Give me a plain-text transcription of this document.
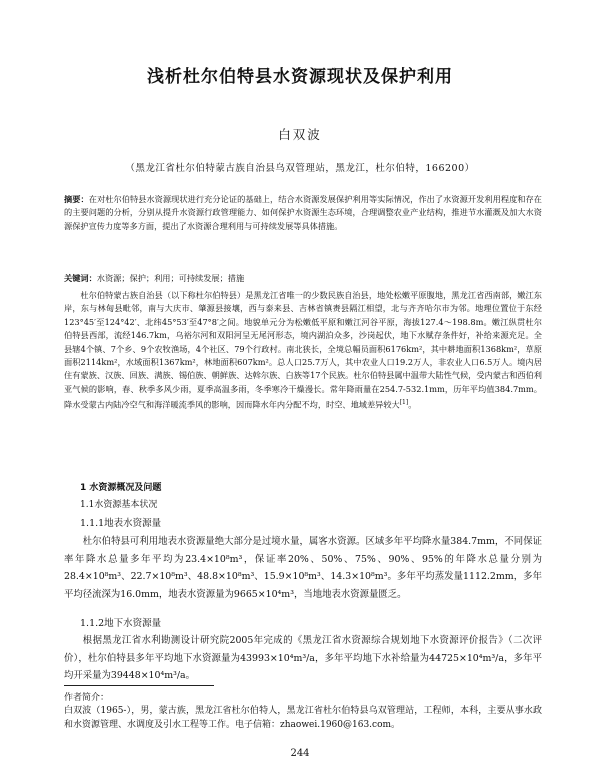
浅析杜尔伯特县水资源现状及保护利用
白双波
（黑龙江省杜尔伯特蒙古族自治县乌双管理站，黑龙江，杜尔伯特，166200）
摘要：在对杜尔伯特县水资源现状进行充分论证的基础上，结合水资源发展保护利用等实际情况，作出了水资源开发利用程度和存在的主要问题的分析，分别从提升水资源行政管理能力、如何保护水资源生态环境，合理调整农业产业结构，推进节水灌溉及加大水资源保护宣传力度等多方面，提出了水资源合理利用与可持续发展等具体措施。
关键词：水资源；保护；利用；可持续发展；措施
杜尔伯特蒙古族自治县（以下称杜尔伯特县）是黑龙江省唯一的少数民族自治县，地处松嫩平原腹地，黑龙江省西南部，嫩江东岸，东与林甸县毗邻，南与大庆市、肇源县接壤，西与泰来县、吉林省镇赉县隔江相望，北与齐齐哈尔市为邻。地理位置位于东经123°45′至124°42′、北纬45°53′至47°8′之间。地貌单元分为松嫩低平原和嫩江河谷平原，海拔127.4～198.8m。嫩江纵贯杜尔伯特县西部，流经146.7km，乌裕尔河和双阳河呈无尾河形态，境内湖泊众多，沙岗起伏，地下水赋存条件好，补给来源充足。全县辖4个镇、7个乡、9个农牧渔场，4个社区、79个行政村。南北狭长，全境总幅员面积6176km²，其中耕地面积1368km²，草原面积2114km²，水域面积1367km²，林地面积607km²。总人口25.7万人，其中农业人口19.2万人，非农业人口6.5万人。境内居住有蒙族、汉族、回族、满族、锡伯族、朝鲜族、达斡尔族、白族等17个民族。杜尔伯特县属中温带大陆性气候，受内蒙古和西伯利亚气候的影响，春、秋季多风少雨，夏季高温多雨，冬季寒冷干燥漫长。常年降雨量在254.7-532.1mm，历年平均值384.7mm。降水受蒙古内陆冷空气和海洋暖流季风的影响，因而降水年内分配不均，时空、地域差异较大[1]。
1 水资源概况及问题
1.1水资源基本状况
1.1.1地表水资源量
杜尔伯特县可利用地表水资源量绝大部分是过境水量，属客水资源。区域多年平均降水量384.7mm，不同保证率年降水总量多年平均为23.4×10⁸m³，保证率20%、50%、75%、90%、95%的年降水总量分别为28.4×10⁸m³、22.7×10⁸m³、48.8×10⁸m³、15.9×10⁸m³、14.3×10⁸m³。多年平均蒸发量1112.2mm，多年平均径流深为16.0mm，地表水资源量为9665×10⁴m³，当地地表水资源量匮乏。
1.1.2地下水资源量
根据黑龙江省水利勘测设计研究院2005年完成的《黑龙江省水资源综合规划地下水资源评价报告》（二次评价），杜尔伯特县多年平均地下水资源量为43993×10⁴m³/a，多年平均地下水补给量为44725×10⁴m³/a，多年平均开采量为39448×10⁴m³/a。
作者简介：
白双波（1965-），男，蒙古族，黑龙江省杜尔伯特人，黑龙江省杜尔伯特县乌双管理站，工程师，本科，主要从事水政和水资源管理、水调度及引水工程等工作。电子信箱：zhaowei.1960@163.com。
244
